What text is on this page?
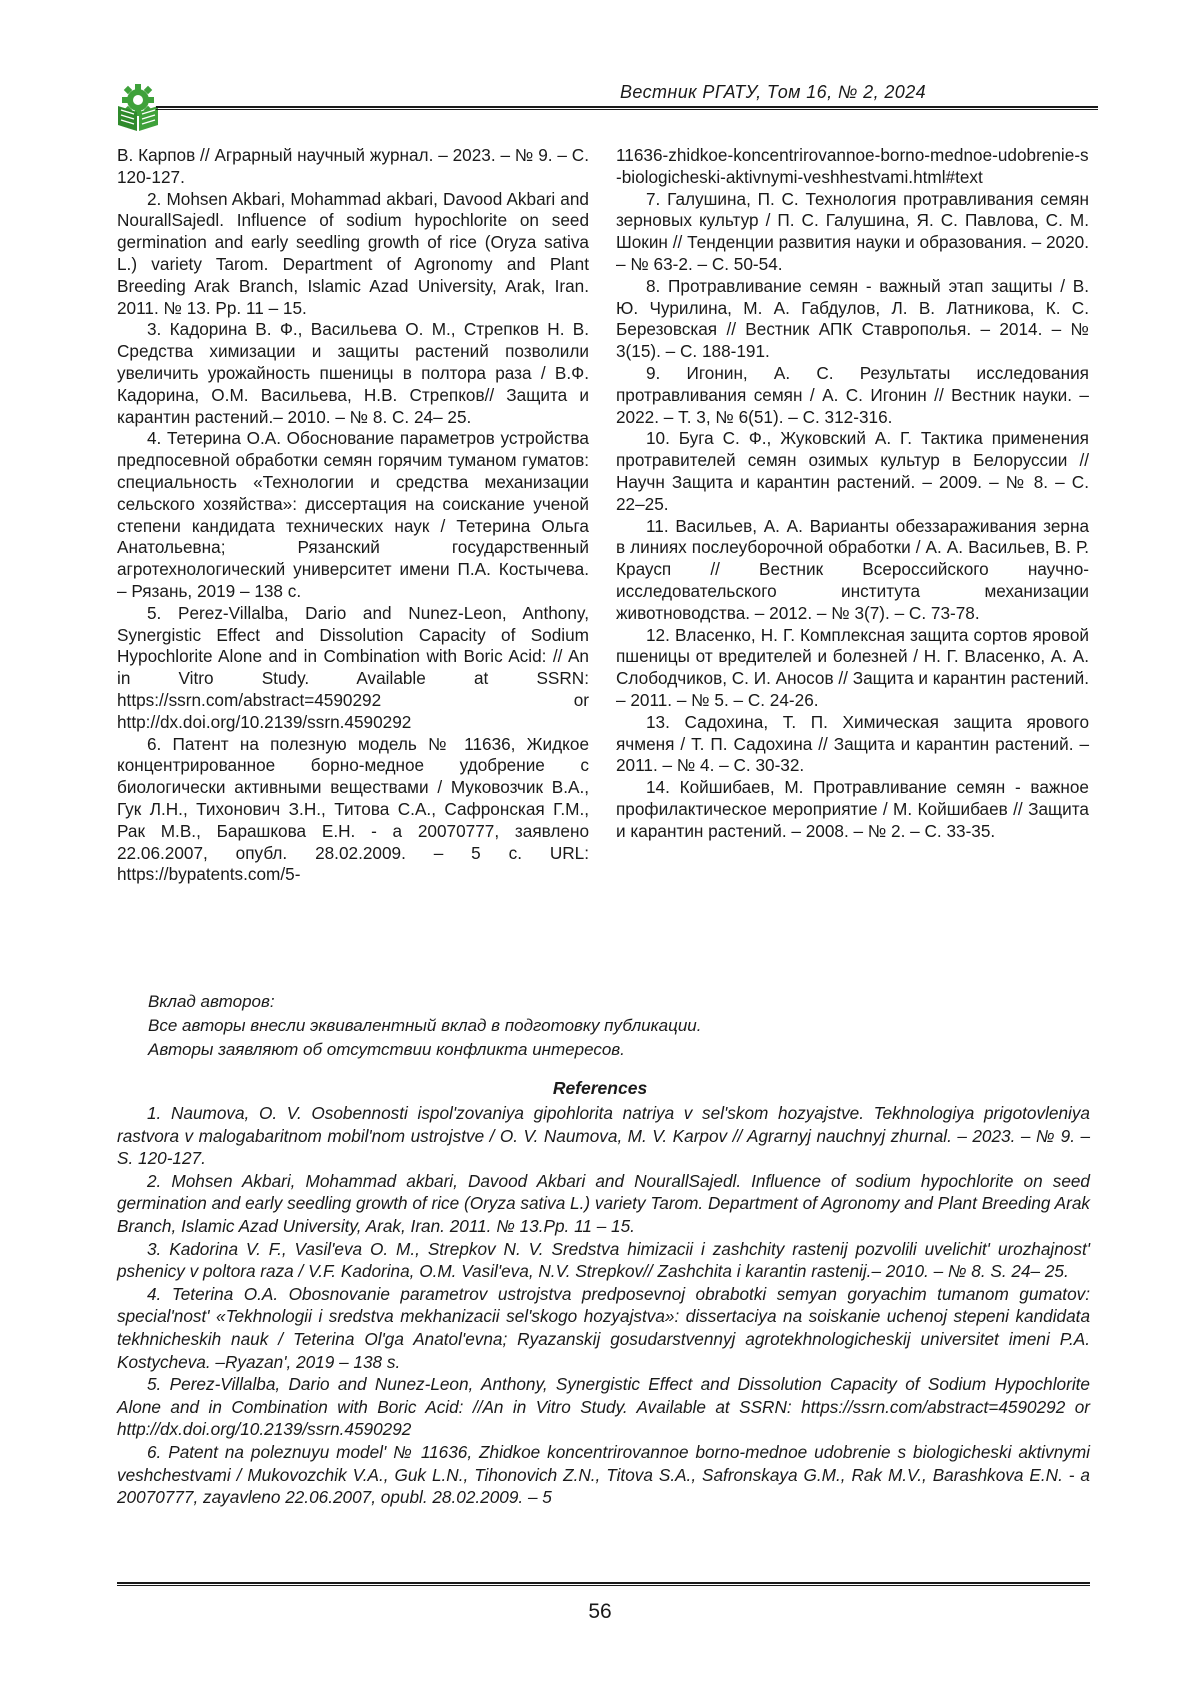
Вестник РГАТУ, Том 16, № 2, 2024

В. Карпов // Аграрный научный журнал. – 2023. – № 9. – С. 120-127.

2. Mohsen Akbari, Mohammad akbari, Davood Akbari and NourallSajedl. Influence of sodium hypochlorite on seed germination and early seedling growth of rice (Oryza sativa L.) variety Tarom. Department of Agronomy and Plant Breeding Arak Branch, Islamic Azad University, Arak, Iran. 2011. № 13. Pp. 11 – 15.

3. Кадорина В. Ф., Васильева О. М., Стрепков Н. В. Средства химизации и защиты растений позволили увеличить урожайность пшеницы в полтора раза / В.Ф. Кадорина, О.М. Васильева, Н.В. Стрепков// Защита и карантин растений.– 2010. – № 8. С. 24– 25.

4. Тетерина О.А. Обоснование параметров устройства предпосевной обработки семян горячим туманом гуматов: специальность «Технологии и средства механизации сельского хозяйства»: диссертация на соискание ученой степени кандидата технических наук / Тетерина Ольга Анатольевна; Рязанский государственный агротехнологический университет имени П.А. Костычева. – Рязань, 2019 – 138 с.

5. Perez-Villalba, Dario and Nunez-Leon, Anthony, Synergistic Effect and Dissolution Capacity of Sodium Hypochlorite Alone and in Combination with Boric Acid: // An in Vitro Study. Available at SSRN: https://ssrn.com/abstract=4590292 or http://dx.doi.org/10.2139/ssrn.4590292

6. Патент на полезную модель № 11636, Жидкое концентрированное борно-медное удобрение с биологически активными веществами / Муковозчик В.А., Гук Л.Н., Тихонович З.Н., Титова С.А., Сафронская Г.М., Рак М.В., Барашкова Е.Н. - а 20070777, заявлено 22.06.2007, опубл. 28.02.2009. – 5 с. URL: https://bypatents.com/5-

11636-zhidkoe-koncentrirovannoe-borno-mednoe-udobrenie-s-biologicheski-aktivnymi-veshhestvami.html#text

7. Галушина, П. С. Технология протравливания семян зерновых культур / П. С. Галушина, Я. С. Павлова, С. М. Шокин // Тенденции развития науки и образования. – 2020. – № 63-2. – С. 50-54.

8. Протравливание семян - важный этап защиты / В. Ю. Чурилина, М. А. Габдулов, Л. В. Латникова, К. С. Березовская // Вестник АПК Ставрополья. – 2014. – № 3(15). – С. 188-191.

9. Игонин, А. С. Результаты исследования протравливания семян / А. С. Игонин // Вестник науки. – 2022. – Т. 3, № 6(51). – С. 312-316.

10. Буга С. Ф., Жуковский А. Г. Тактика применения протравителей семян озимых культур в Белоруссии //Научн Защита и карантин растений. – 2009. – № 8. – С. 22–25.

11. Васильев, А. А. Варианты обеззараживания зерна в линиях послеуборочной обработки / А. А. Васильев, В. Р. Краусп // Вестник Всероссийского научно-исследовательского института механизации животноводства. – 2012. – № 3(7). – С. 73-78.

12. Власенко, Н. Г. Комплексная защита сортов яровой пшеницы от вредителей и болезней / Н. Г. Власенко, А. А. Слободчиков, С. И. Аносов // Защита и карантин растений. – 2011. – № 5. – С. 24-26.

13. Садохина, Т. П. Химическая защита ярового ячменя / Т. П. Садохина // Защита и карантин растений. – 2011. – № 4. – С. 30-32.

14. Койшибаев, М. Протравливание семян - важное профилактическое мероприятие / М. Койшибаев // Защита и карантин растений. – 2008. – № 2. – С. 33-35.

Вклад авторов:
Все авторы внесли эквивалентный вклад в подготовку публикации.
Авторы заявляют об отсутствии конфликта интересов.
References

1. Naumova, O. V. Osobennosti ispol'zovaniya gipohlorita natriya v sel'skom hozyajstve. Tekhnologiya prigotovleniya rastvora v malogabaritnom mobil'nom ustrojstve / O. V. Naumova, M. V. Karpov // Agrarnyj nauchnyj zhurnal. – 2023. – № 9. – S. 120-127.

2. Mohsen Akbari, Mohammad akbari, Davood Akbari and NourallSajedl. Influence of sodium hypochlorite on seed germination and early seedling growth of rice (Oryza sativa L.) variety Tarom. Department of Agronomy and Plant Breeding Arak Branch, Islamic Azad University, Arak, Iran. 2011. № 13.Pp. 11 – 15.

3. Kadorina V. F., Vasil'eva O. M., Strepkov N. V. Sredstva himizacii i zashchity rastenij pozvolili uvelichit' urozhajnost' pshenicy v poltora raza / V.F. Kadorina, O.M. Vasil'eva, N.V. Strepkov// Zashchita i karantin rastenij.– 2010. – № 8. S. 24– 25.

4. Teterina O.A. Obosnovanie parametrov ustrojstva predposevnoj obrabotki semyan goryachim tumanom gumatov: special'nost' «Tekhnologii i sredstva mekhanizacii sel'skogo hozyajstva»: dissertaciya na soiskanie uchenoj stepeni kandidata tekhnicheskih nauk / Teterina Ol'ga Anatol'evna; Ryazanskij gosudarstvennyj agrotekhnologicheskij universitet imeni P.A. Kostycheva. –Ryazan', 2019 – 138 s.

5. Perez-Villalba, Dario and Nunez-Leon, Anthony, Synergistic Effect and Dissolution Capacity of Sodium Hypochlorite Alone and in Combination with Boric Acid: //An in Vitro Study. Available at SSRN: https://ssrn.com/abstract=4590292 or http://dx.doi.org/10.2139/ssrn.4590292

6. Patent na poleznuyu model' № 11636, Zhidkoe koncentrirovannoe borno-mednoe udobrenie s biologicheski aktivnymi veshchestvami / Mukovozchik V.A., Guk L.N., Tihonovich Z.N., Titova S.A., Safronskaya G.M., Rak M.V., Barashkova E.N. - a 20070777, zayavleno 22.06.2007, opubl. 28.02.2009. – 5

56
